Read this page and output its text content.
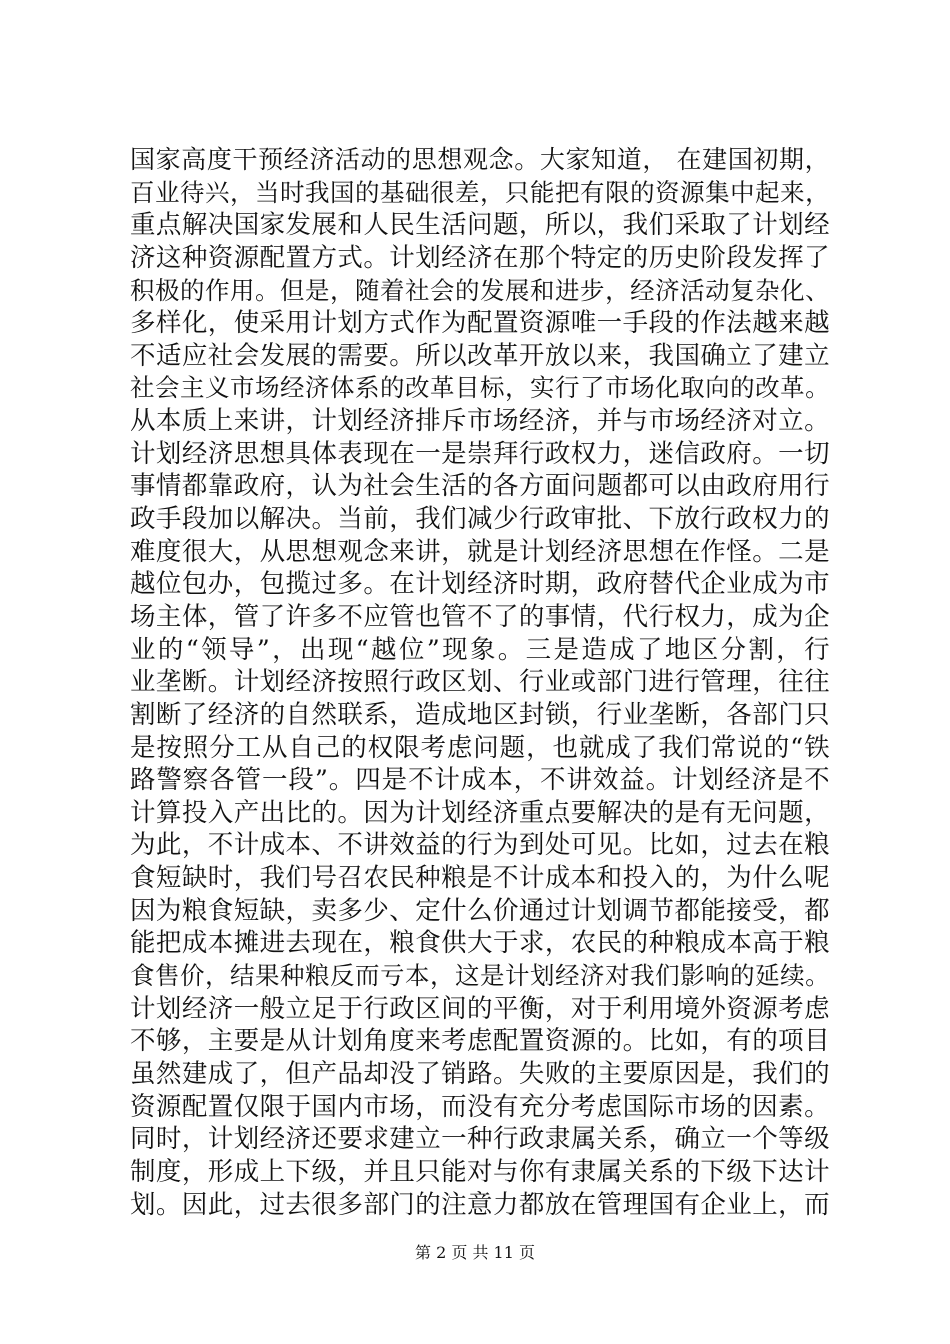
国家高度干预经济活动的思想观念。大家知道， 在建国初期，
百业待兴，当时我国的基础很差，只能把有限的资源集中起来，
重点解决国家发展和人民生活问题，所以，我们采取了计划经
济这种资源配置方式。计划经济在那个特定的历史阶段发挥了
积极的作用。但是，随着社会的发展和进步，经济活动复杂化、
多样化，使采用计划方式作为配置资源唯一手段的作法越来越
不适应社会发展的需要。所以改革开放以来，我国确立了建立
社会主义市场经济体系的改革目标，实行了市场化取向的改革。
从本质上来讲，计划经济排斥市场经济，并与市场经济对立。
计划经济思想具体表现在一是崇拜行政权力，迷信政府。一切
事情都靠政府，认为社会生活的各方面问题都可以由政府用行
政手段加以解决。当前，我们减少行政审批、下放行政权力的
难度很大，从思想观念来讲，就是计划经济思想在作怪。二是
越位包办，包揽过多。在计划经济时期，政府替代企业成为市
场主体，管了许多不应管也管不了的事情，代行权力，成为企
业的“领导”，出现“越位”现象。三是造成了地区分割，行
业垄断。计划经济按照行政区划、行业或部门进行管理，往往
割断了经济的自然联系，造成地区封锁，行业垄断，各部门只
是按照分工从自己的权限考虑问题，也就成了我们常说的“铁
路警察各管一段”。四是不计成本，不讲效益。计划经济是不
计算投入产出比的。因为计划经济重点要解决的是有无问题，
为此，不计成本、不讲效益的行为到处可见。比如，过去在粮
食短缺时，我们号召农民种粮是不计成本和投入的，为什么呢
因为粮食短缺，卖多少、定什么价通过计划调节都能接受，都
能把成本摊进去现在，粮食供大于求，农民的种粮成本高于粮
食售价，结果种粮反而亏本，这是计划经济对我们影响的延续。
计划经济一般立足于行政区间的平衡，对于利用境外资源考虑
不够，主要是从计划角度来考虑配置资源的。比如，有的项目
虽然建成了，但产品却没了销路。失败的主要原因是，我们的
资源配置仅限于国内市场，而没有充分考虑国际市场的因素。
同时，计划经济还要求建立一种行政隶属关系，确立一个等级
制度，形成上下级，并且只能对与你有隶属关系的下级下达计
划。因此，过去很多部门的注意力都放在管理国有企业上，而
第 2 页 共 11 页
